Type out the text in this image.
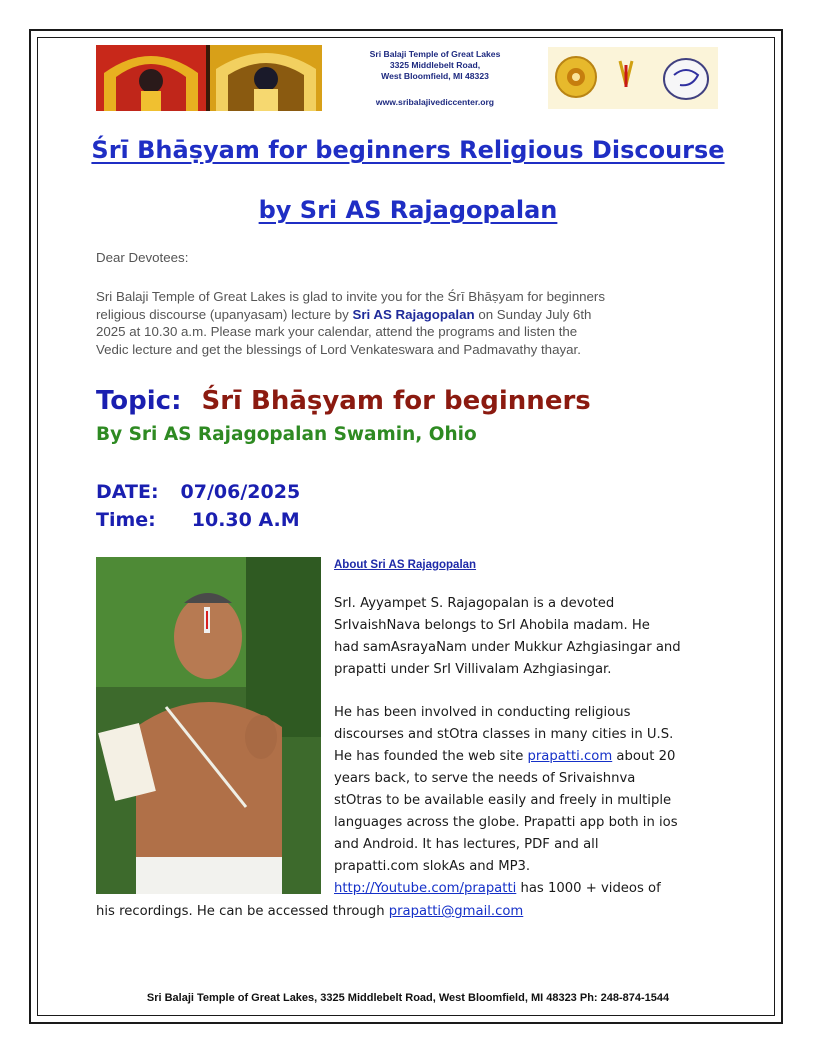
Sri Balaji Temple of Great Lakes
3325 Middlebelt Road,
West Bloomfield, MI 48323
www.sribalajivediccenter.org
Śrī Bhāṣyam for beginners Religious Discourse
by Sri AS Rajagopalan
Dear Devotees:
Sri Balaji Temple of Great Lakes is glad to invite you for the Śrī Bhāṣyam for beginners
religious discourse (upanyasam) lecture by Sri AS Rajagopalan on Sunday July 6th
2025 at 10.30 a.m. Please mark your calendar, attend the programs and listen the
Vedic lecture and get the blessings of Lord Venkateswara and Padmavathy thayar.
Topic: Śrī Bhāṣyam for beginners
By Sri AS Rajagopalan Swamin, Ohio
DATE: 07/06/2025
Time: 10.30 A.M
About Sri AS Rajagopalan
SrI. Ayyampet S. Rajagopalan is a devoted
SrIvaishNava belongs to SrI Ahobila madam. He
had samAsrayaNam under Mukkur Azhgiasingar and
prapatti under SrI Villivalam Azhgiasingar.
He has been involved in conducting religious
discourses and stOtra classes in many cities in U.S.
He has founded the web site prapatti.com about 20
years back, to serve the needs of Srivaishnva
stOtras to be available easily and freely in multiple
languages across the globe. Prapatti app both in ios
and Android. It has lectures, PDF and all
prapatti.com slokAs and MP3.
http://Youtube.com/prapatti has 1000 + videos of
his recordings. He can be accessed through prapatti@gmail.com
Sri Balaji Temple of Great Lakes, 3325 Middlebelt Road, West Bloomfield, MI 48323 Ph: 248-874-1544
